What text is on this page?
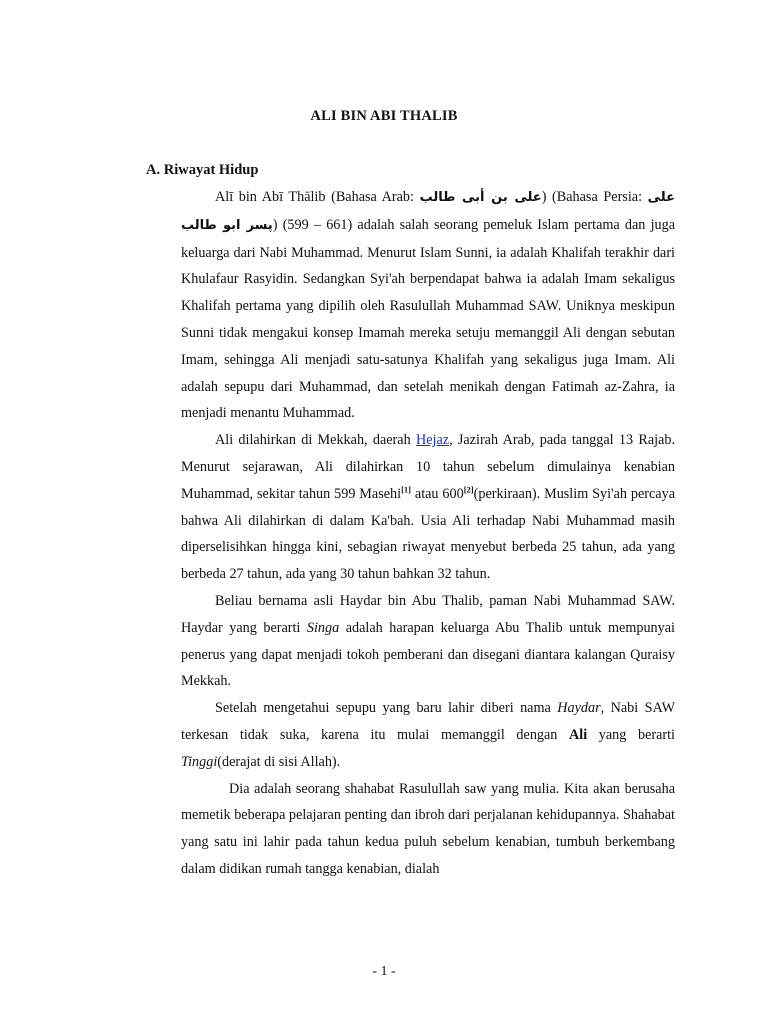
ALI BIN ABI THALIB
A. Riwayat Hidup

Alī bin Abī Thālib (Bahasa Arab: علی بن أبی طالب) (Bahasa Persia: علی پسر ابو طالب) (599 – 661) adalah salah seorang pemeluk Islam pertama dan juga keluarga dari Nabi Muhammad. Menurut Islam Sunni, ia adalah Khalifah terakhir dari Khulafaur Rasyidin. Sedangkan Syi'ah berpendapat bahwa ia adalah Imam sekaligus Khalifah pertama yang dipilih oleh Rasulullah Muhammad SAW. Uniknya meskipun Sunni tidak mengakui konsep Imamah mereka setuju memanggil Ali dengan sebutan Imam, sehingga Ali menjadi satu-satunya Khalifah yang sekaligus juga Imam. Ali adalah sepupu dari Muhammad, dan setelah menikah dengan Fatimah az-Zahra, ia menjadi menantu Muhammad.

Ali dilahirkan di Mekkah, daerah Hejaz, Jazirah Arab, pada tanggal 13 Rajab. Menurut sejarawan, Ali dilahirkan 10 tahun sebelum dimulainya kenabian Muhammad, sekitar tahun 599 Masehi[1] atau 600[2](perkiraan). Muslim Syi'ah percaya bahwa Ali dilahirkan di dalam Ka'bah. Usia Ali terhadap Nabi Muhammad masih diperselisihkan hingga kini, sebagian riwayat menyebut berbeda 25 tahun, ada yang berbeda 27 tahun, ada yang 30 tahun bahkan 32 tahun.

Beliau bernama asli Haydar bin Abu Thalib, paman Nabi Muhammad SAW. Haydar yang berarti Singa adalah harapan keluarga Abu Thalib untuk mempunyai penerus yang dapat menjadi tokoh pemberani dan disegani diantara kalangan Quraisy Mekkah.

Setelah mengetahui sepupu yang baru lahir diberi nama Haydar, Nabi SAW terkesan tidak suka, karena itu mulai memanggil dengan Ali yang berarti Tinggi(derajat di sisi Allah).

Dia adalah seorang shahabat Rasulullah saw yang mulia. Kita akan berusaha memetik beberapa pelajaran penting dan ibroh dari perjalanan kehidupannya. Shahabat yang satu ini lahir pada tahun kedua puluh sebelum kenabian, tumbuh berkembang dalam didikan rumah tangga kenabian, dialah

- 1 -
